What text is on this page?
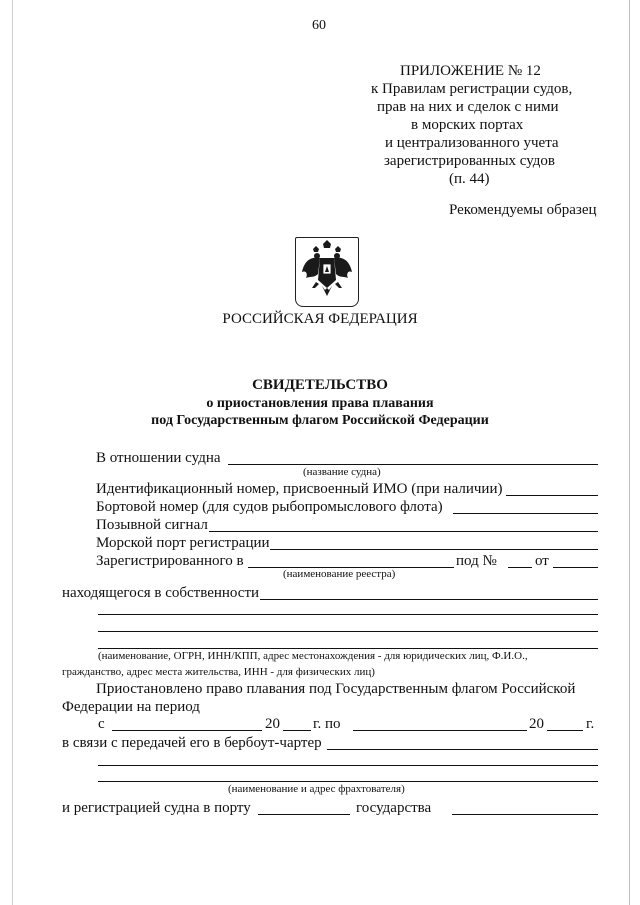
60
ПРИЛОЖЕНИЕ № 12
к Правилам регистрации судов,
прав на них и сделок с ними
в морских портах
и централизованного учета
зарегистрированных судов
(п. 44)
Рекомендуемы образец
РОССИЙСКАЯ ФЕДЕРАЦИЯ
СВИДЕТЕЛЬСТВО
о приостановления права плавания
под Государственным флагом Российской Федерации
В отношении судна
(название судна)
Идентификационный номер, присвоенный ИМО (при наличии)
Бортовой номер (для судов рыбопромыслового флота)
Позывной сигнал
Морской порт регистрации
Зарегистрированного в	под №	от
(наименование реестра)
находящегося в собственности
(наименование, ОГРН, ИНН/КПП, адрес местонахождения - для юридических лиц, Ф.И.О.,
гражданство, адрес места жительства, ИНН - для физических лиц)
Приостановлено право плавания под Государственным флагом Российской
Федерации на период
с	20 г. по	20	г.
в связи с передачей его в бербоут-чартер
(наименование и адрес фрахтователя)
и регистрацией судна в порту	государства
